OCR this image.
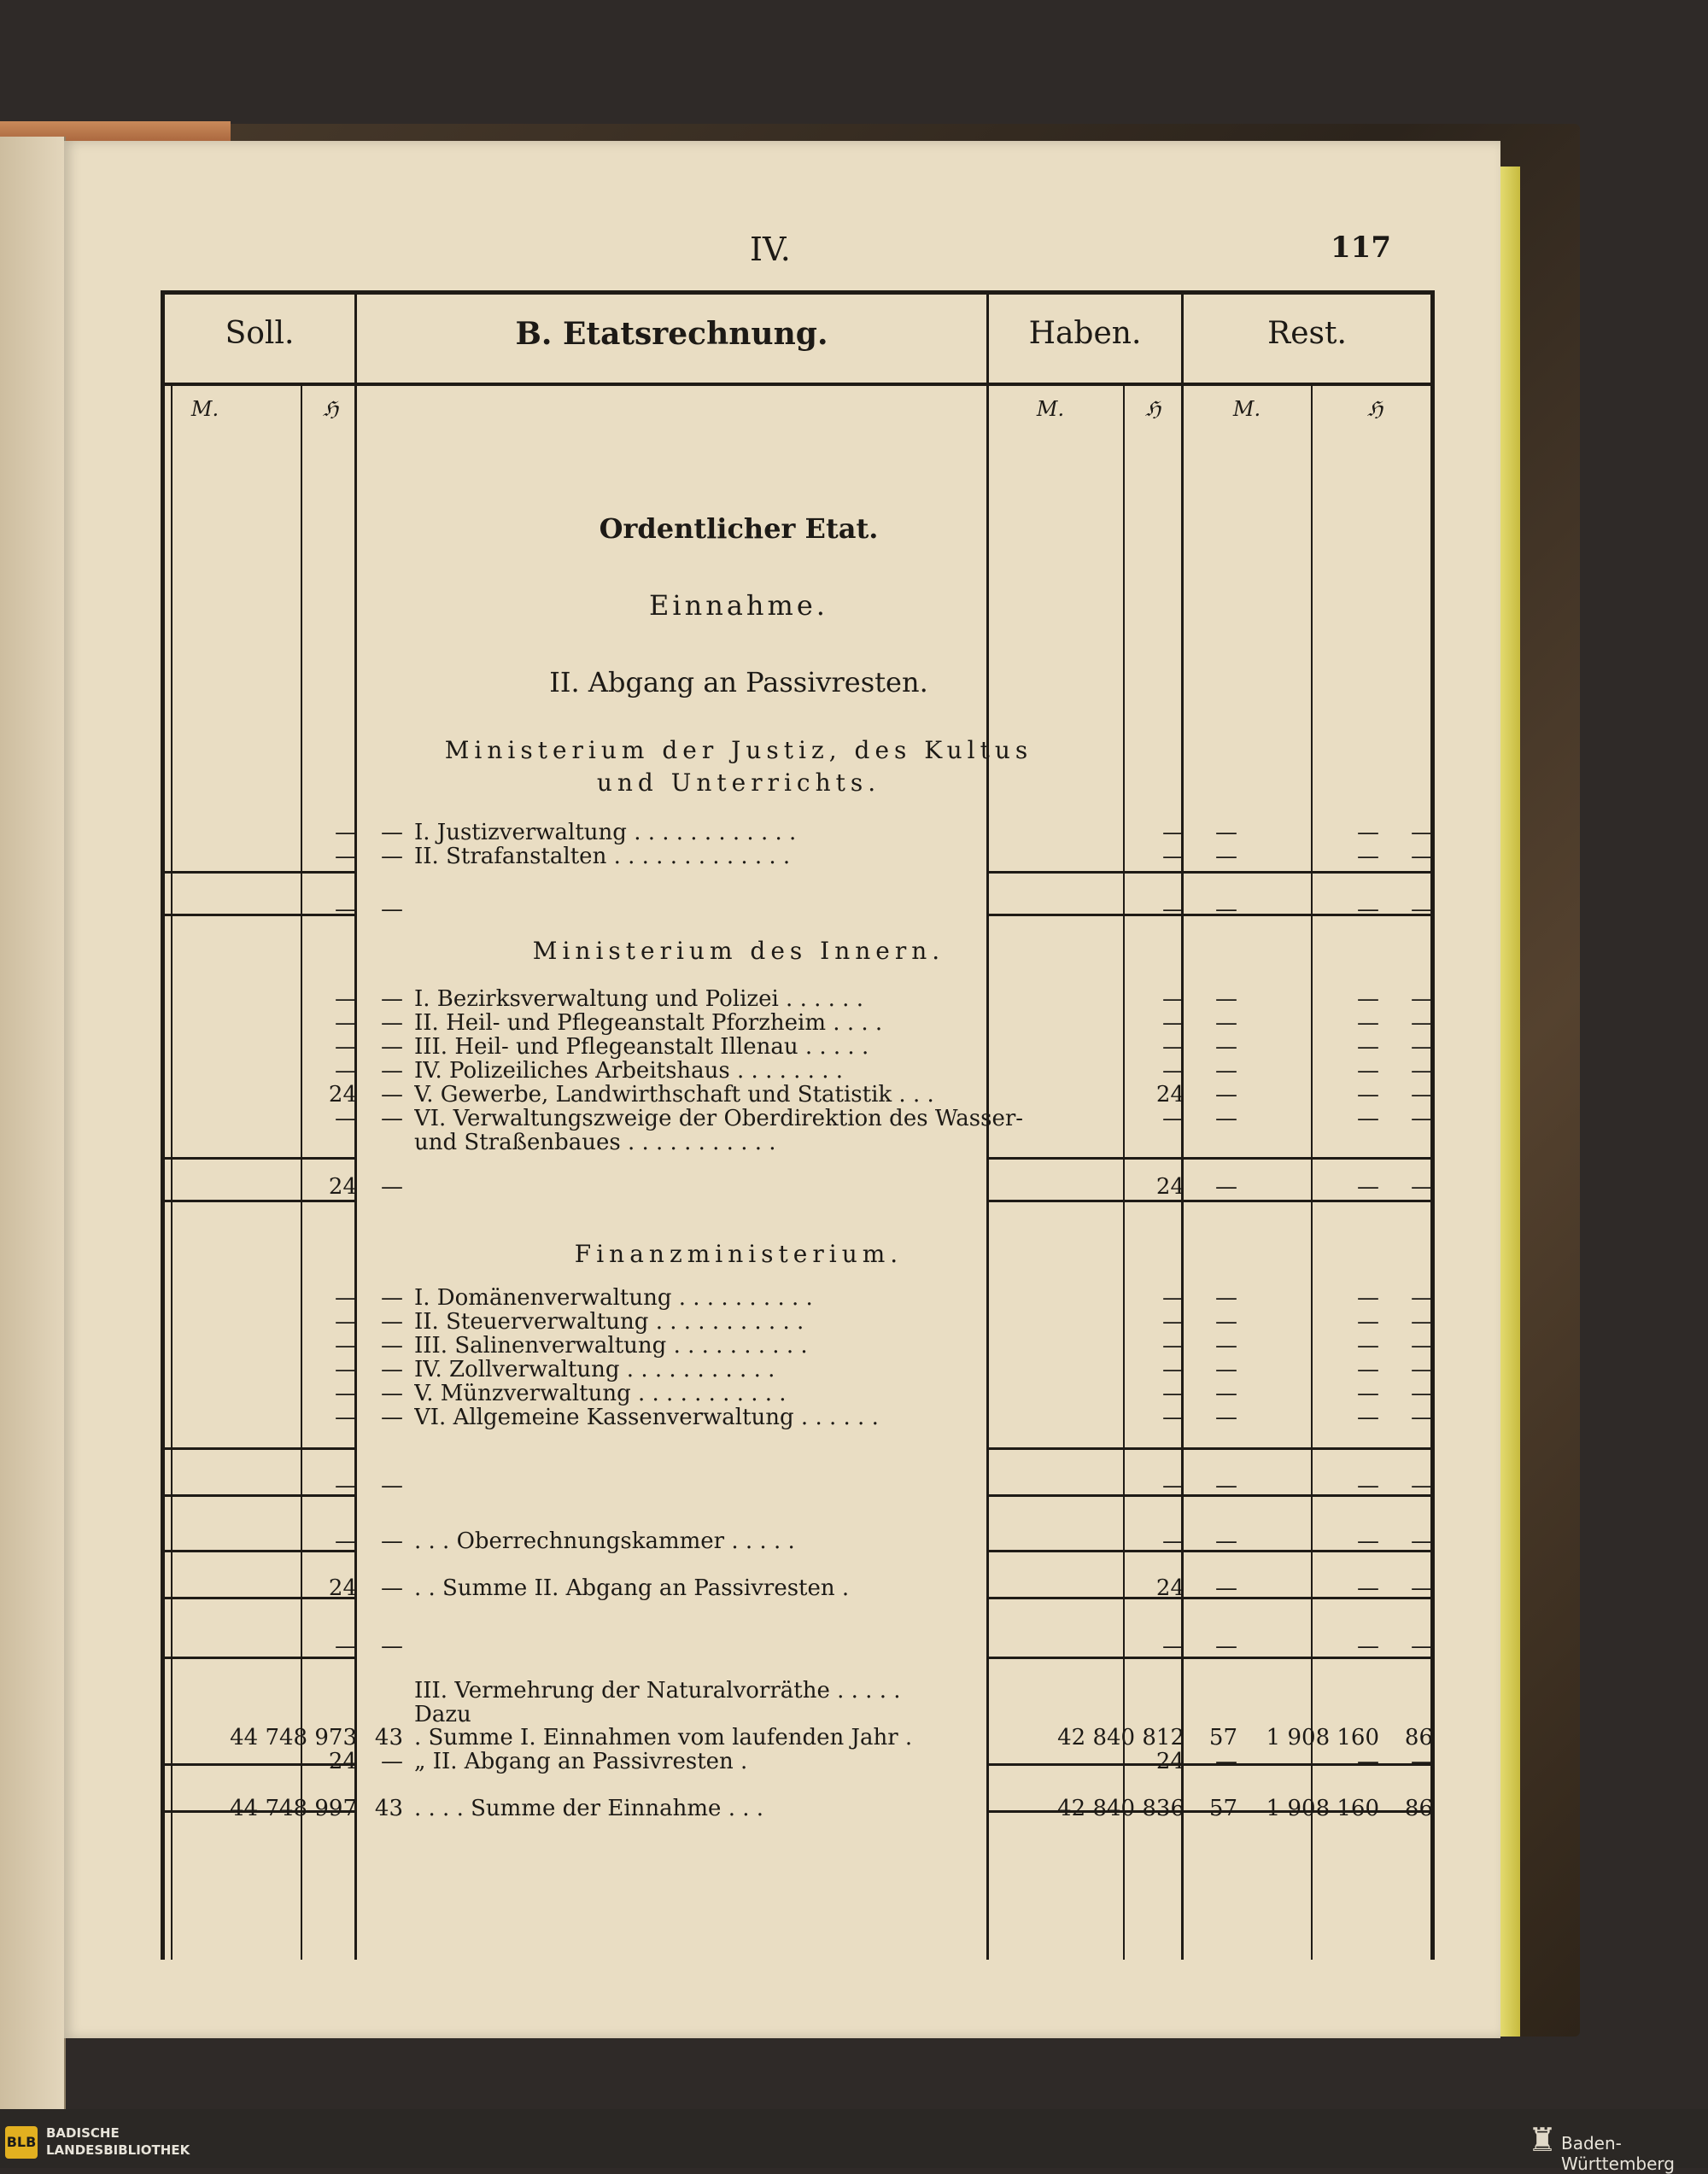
IV.	117
Soll.	B. Etatsrechnung.	Haben.	Rest.
M.	ℌ	M.	ℌ	M.	ℌ
Ordentlicher Etat.
Einnahme.
II. Abgang an Passivresten.
Ministerium der Justiz, des Kultus und Unterrichts.
Ministerium des Innern.
Finanzministerium.
I. Justizverwaltung . . . . . . . . . . . .
—	—	—	—	—	—
II. Strafanstalten . . . . . . . . . . . . .
—	—	—	—	—	—
—	—	—	—	—	—
I. Bezirksverwaltung und Polizei . . . . . .
—	—	—	—	—	—
II. Heil- und Pflegeanstalt Pforzheim . . . .
—	—	—	—	—	—
III. Heil- und Pflegeanstalt Illenau . . . . .
—	—	—	—	—	—
IV. Polizeiliches Arbeitshaus . . . . . . . .
—	—	—	—	—	—
V. Gewerbe, Landwirthschaft und Statistik . . .
24	—	24	—	—	—
VI. Verwaltungszweige der Oberdirektion des Wasser-
—	—	—	—	—	—
und Straßenbaues . . . . . . . . . . .
24	—	24	—	—	—
I. Domänenverwaltung . . . . . . . . . .
—	—	—	—	—	—
II. Steuerverwaltung . . . . . . . . . . .
—	—	—	—	—	—
III. Salinenverwaltung . . . . . . . . . .
—	—	—	—	—	—
IV. Zollverwaltung . . . . . . . . . . .
—	—	—	—	—	—
V. Münzverwaltung . . . . . . . . . . .
—	—	—	—	—	—
VI. Allgemeine Kassenverwaltung . . . . . .
—	—	—	—	—	—
—	—	—	—	—	—
. . . Oberrechnungskammer . . . . .
—	—	—	—	—	—
. . Summe II. Abgang an Passivresten .
24	—	24	—	—	—
—	—	—	—	—	—
III. Vermehrung der Naturalvorräthe . . . . .
Dazu
. Summe I. Einnahmen vom laufenden Jahr .
44 748 973 43	42 840 812	57	1 908 160	86
„ II. Abgang an Passivresten .
24	—	24	—	—	—
. . . . Summe der Einnahme . . .
44 748 997 43	42 840 836	57	1 908 160	86
BLB
BADISCHE
LANDESBIBLIOTHEK	♜ Baden-Württemberg
